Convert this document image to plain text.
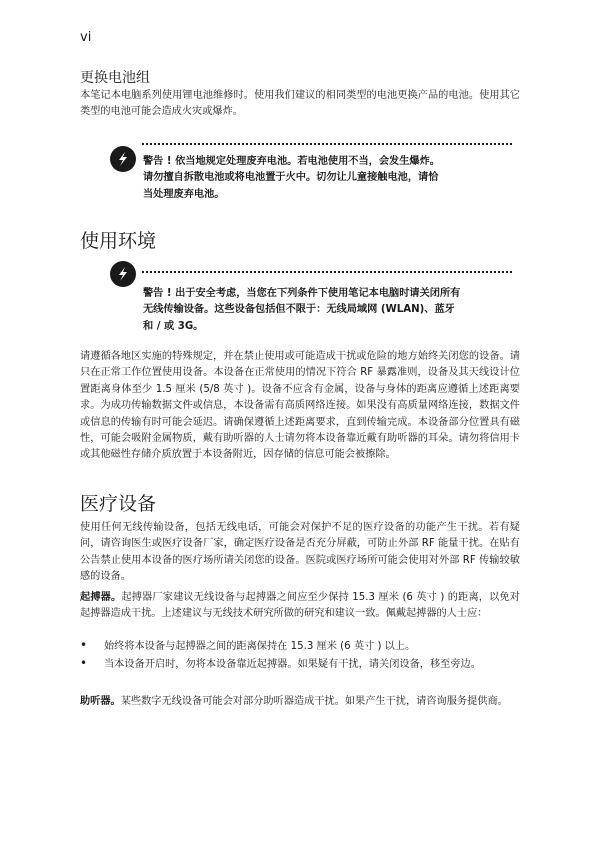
vi
更换电池组
本笔记本电脑系列使用锂电池维修时。使用我们建议的相同类型的电池更换产品的电池。使用其它类型的电池可能会造成火灾或爆炸。
警告 ! 依当地规定处理废弃电池。若电池使用不当，会发生爆炸。
请勿擅自拆散电池或将电池置于火中。切勿让儿童接触电池，请恰
当处理废弃电池。
使用环境
警告 ! 出于安全考虑，当您在下列条件下使用笔记本电脑时请关闭所有
无线传输设备。这些设备包括但不限于：无线局域网 (WLAN)、蓝牙
和 / 或 3G。
请遵循各地区实施的特殊规定，并在禁止使用或可能造成干扰或危险的地方始终关闭您的设备。请只在正常工作位置使用设备。本设备在正常使用的情况下符合 RF 暴露准则，设备及其天线设计位置距离身体至少 1.5 厘米 (5/8 英寸 )。设备不应含有金属，设备与身体的距离应遵循上述距离要求。为成功传输数据文件或信息，本设备需有高质网络连接。如果没有高质量网络连接，数据文件或信息的传输有时可能会延迟。请确保遵循上述距离要求，直到传输完成。本设备部分位置具有磁性，可能会吸附金属物质，戴有助听器的人士请勿将本设备靠近戴有助听器的耳朵。请勿将信用卡或其他磁性存储介质放置于本设备附近，因存储的信息可能会被擦除。
医疗设备
使用任何无线传输设备，包括无线电话，可能会对保护不足的医疗设备的功能产生干扰。若有疑问，请咨询医生或医疗设备厂家，确定医疗设备是否充分屏蔽，可防止外部 RF 能量干扰。在贴有公告禁止使用本设备的医疗场所请关闭您的设备。医院或医疗场所可能会使用对外部 RF 传输较敏感的设备。
起搏器。起搏器厂家建议无线设备与起搏器之间应至少保持 15.3 厘米 (6 英寸 ) 的距离，以免对起搏器造成干扰。上述建议与无线技术研究所做的研究和建议一致。佩戴起搏器的人士应：
• 始终将本设备与起搏器之间的距离保持在 15.3 厘米 (6 英寸 ) 以上。
• 当本设备开启时，勿将本设备靠近起搏器。如果疑有干扰，请关闭设备，移至旁边。
助听器。某些数字无线设备可能会对部分助听器造成干扰。如果产生干扰，请咨询服务提供商。
